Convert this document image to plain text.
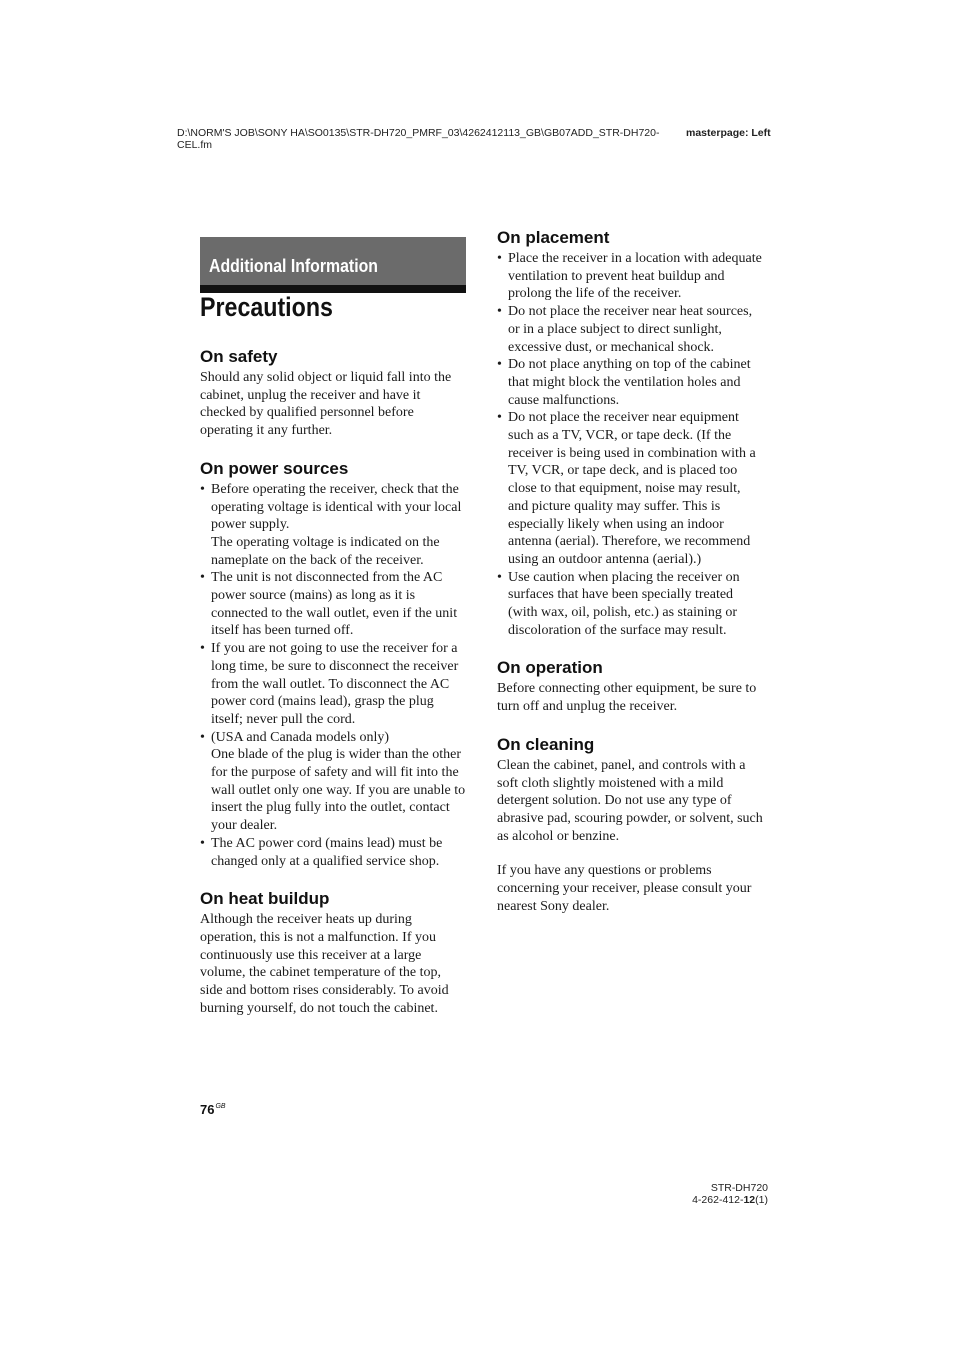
D:\NORM'S JOB\SONY HA\SO0135\STR-DH720_PMRF_03\4262412113_GB\GB07ADD_STR-DH720-CEL.fm
masterpage: Left
Additional Information
Precautions
On safety

Should any solid object or liquid fall into the cabinet, unplug the receiver and have it checked by qualified personnel before operating it any further.

On power sources
• Before operating the receiver, check that the operating voltage is identical with your local power supply.
The operating voltage is indicated on the nameplate on the back of the receiver.
• The unit is not disconnected from the AC power source (mains) as long as it is connected to the wall outlet, even if the unit itself has been turned off.
• If you are not going to use the receiver for a long time, be sure to disconnect the receiver from the wall outlet. To disconnect the AC power cord (mains lead), grasp the plug itself; never pull the cord.
• (USA and Canada models only)
One blade of the plug is wider than the other for the purpose of safety and will fit into the wall outlet only one way. If you are unable to insert the plug fully into the outlet, contact your dealer.
• The AC power cord (mains lead) must be changed only at a qualified service shop.
On heat buildup

Although the receiver heats up during operation, this is not a malfunction. If you continuously use this receiver at a large volume, the cabinet temperature of the top, side and bottom rises considerably. To avoid burning yourself, do not touch the cabinet.

On placement
• Place the receiver in a location with adequate ventilation to prevent heat buildup and prolong the life of the receiver.
• Do not place the receiver near heat sources, or in a place subject to direct sunlight, excessive dust, or mechanical shock.
• Do not place anything on top of the cabinet that might block the ventilation holes and cause malfunctions.
• Do not place the receiver near equipment such as a TV, VCR, or tape deck. (If the receiver is being used in combination with a TV, VCR, or tape deck, and is placed too close to that equipment, noise may result, and picture quality may suffer. This is especially likely when using an indoor antenna (aerial). Therefore, we recommend using an outdoor antenna (aerial).)
• Use caution when placing the receiver on surfaces that have been specially treated (with wax, oil, polish, etc.) as staining or discoloration of the surface may result.
On operation

Before connecting other equipment, be sure to turn off and unplug the receiver.

On cleaning

Clean the cabinet, panel, and controls with a soft cloth slightly moistened with a mild detergent solution. Do not use any type of abrasive pad, scouring powder, or solvent, such as alcohol or benzine.

If you have any questions or problems concerning your receiver, please consult your nearest Sony dealer.

$76^{GB}$
STR-DH720
4-262-412-12(1)
